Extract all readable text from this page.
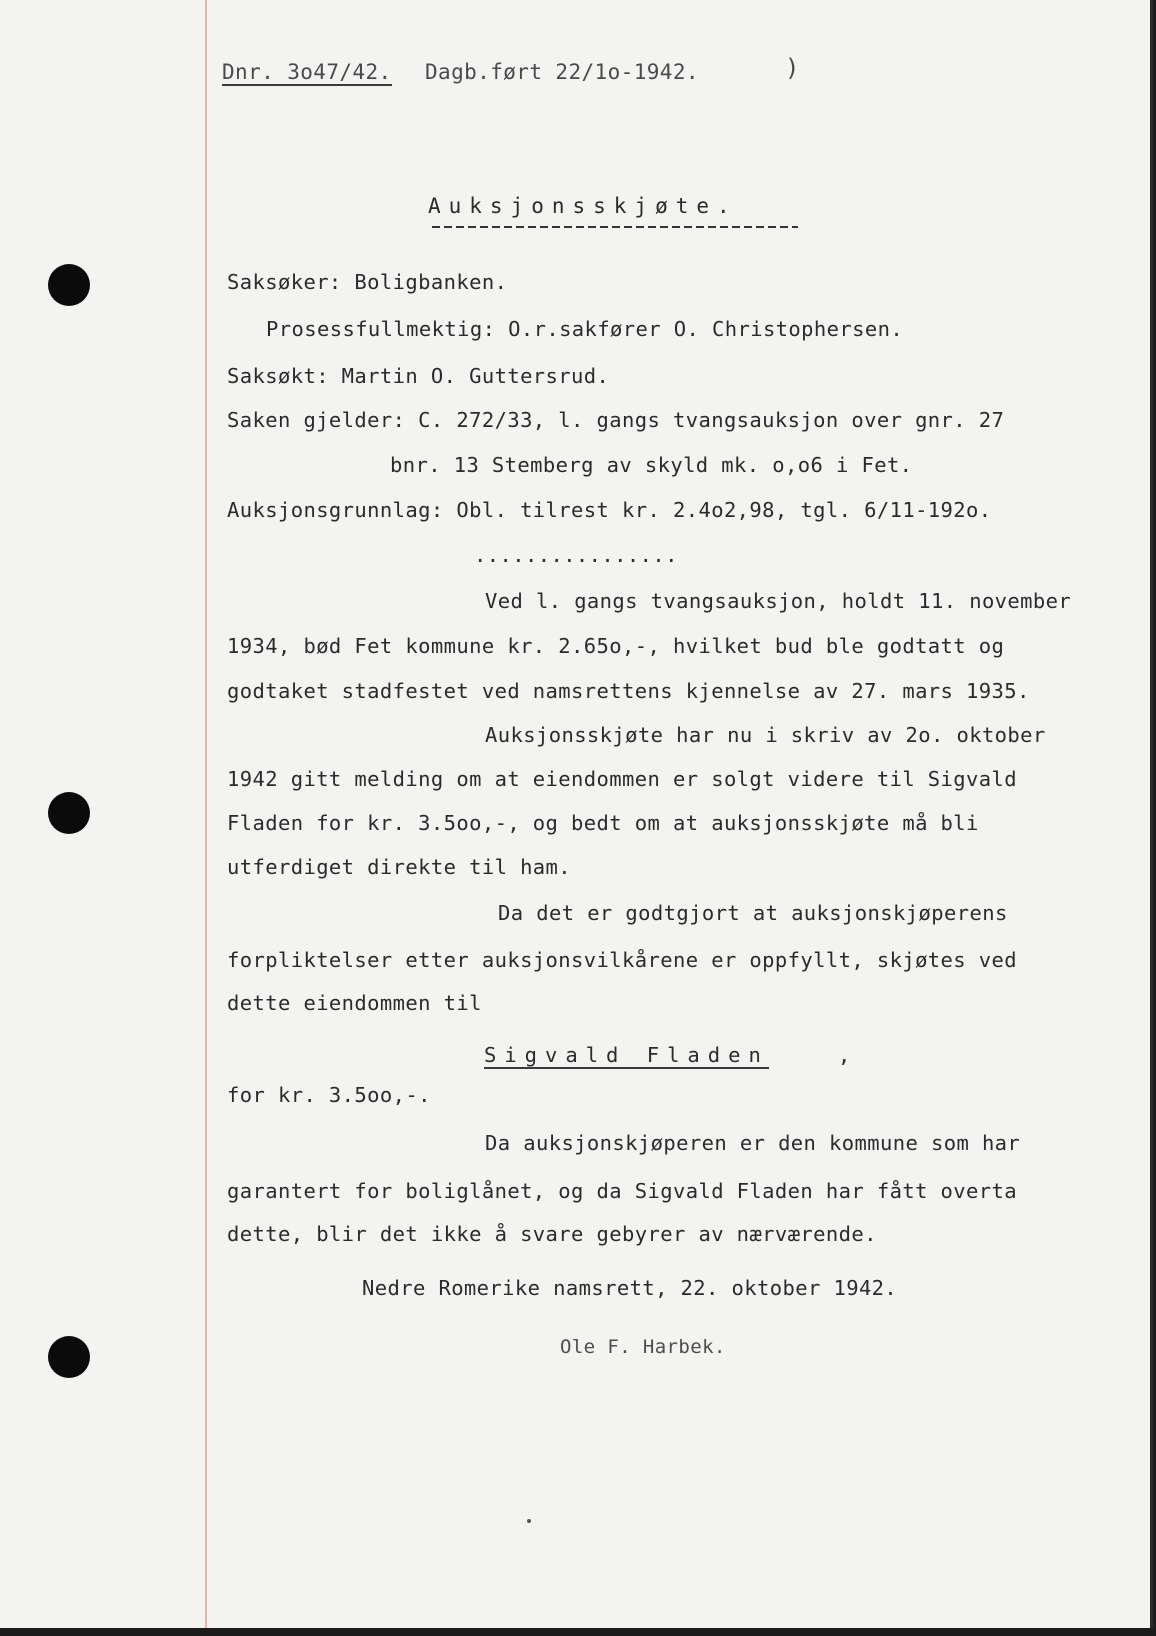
Dnr. 3o47/42. Dagb.ført 22/1o-1942.	)
Auksjonsskjøte.
Saksøker: Boligbanken.
Prosessfullmektig: O.r.sakfører O. Christophersen.
Saksøkt: Martin O. Guttersrud.
Saken gjelder: C. 272/33, l. gangs tvangsauksjon over gnr. 27
bnr. 13 Stemberg av skyld mk. o,o6 i Fet.
Auksjonsgrunnlag: Obl. tilrest kr. 2.4o2,98, tgl. 6/11-192o.
................
Ved l. gangs tvangsauksjon, holdt 11. november
1934, bød Fet kommune kr. 2.65o,-, hvilket bud ble godtatt og
godtaket stadfestet ved namsrettens kjennelse av 27. mars 1935.
Auksjonsskjøte har nu i skriv av 2o. oktober
1942 gitt melding om at eiendommen er solgt videre til Sigvald
Fladen for kr. 3.5oo,-, og bedt om at auksjonsskjøte må bli
utferdiget direkte til ham.
Da det er godtgjort at auksjonskjøperens
forpliktelser etter auksjonsvilkårene er oppfyllt, skjøtes ved
dette eiendommen til
Sigvald Fladen	,
for kr. 3.5oo,-.
Da auksjonskjøperen er den kommune som har
garantert for boliglånet, og da Sigvald Fladen har fått overta
dette, blir det ikke å svare gebyrer av nærværende.
Nedre Romerike namsrett, 22. oktober 1942.
Ole F. Harbek.
